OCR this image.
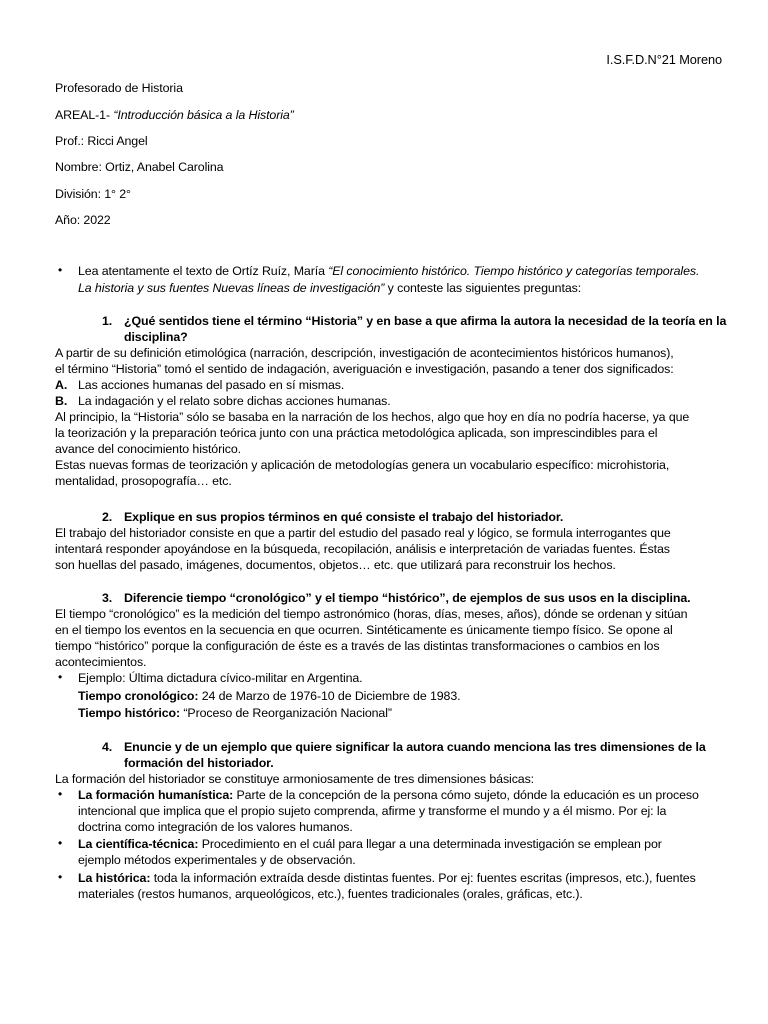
I.S.F.D.N°21 Moreno
Profesorado de Historia
AREAL-1- “Introducción básica a la Historia”
Prof.: Ricci Angel
Nombre: Ortiz, Anabel Carolina
División: 1° 2°
Año: 2022
• Lea atentamente el texto de Ortíz Ruíz, María “El conocimiento histórico. Tiempo histórico y categorías temporales.
La historia y sus fuentes Nuevas líneas de investigación” y conteste las siguientes preguntas:
1. ¿Qué sentidos tiene el término “Historia” y en base a que afirma la autora la necesidad de la teoría en la
disciplina?
A partir de su definición etimológica (narración, descripción, investigación de acontecimientos históricos humanos),
el término “Historia” tomó el sentido de indagación, averiguación e investigación, pasando a tener dos significados:
A. Las acciones humanas del pasado en sí mismas.
B. La indagación y el relato sobre dichas acciones humanas.
Al principio, la “Historia” sólo se basaba en la narración de los hechos, algo que hoy en día no podría hacerse, ya que
la teorización y la preparación teórica junto con una práctica metodológica aplicada, son imprescindibles para el
avance del conocimiento histórico.
Estas nuevas formas de teorización y aplicación de metodologías genera un vocabulario específico: microhistoria,
mentalidad, prosopografía… etc.
2. Explique en sus propios términos en qué consiste el trabajo del historiador.
El trabajo del historiador consiste en que a partir del estudio del pasado real y lógico, se formula interrogantes que
intentará responder apoyándose en la búsqueda, recopilación, análisis e interpretación de variadas fuentes. Éstas
son huellas del pasado, imágenes, documentos, objetos… etc. que utilizará para reconstruir los hechos.
3. Diferencie tiempo “cronológico” y el tiempo “histórico”, de ejemplos de sus usos en la disciplina.
El tiempo “cronológico” es la medición del tiempo astronómico (horas, días, meses, años), dónde se ordenan y sitúan
en el tiempo los eventos en la secuencia en que ocurren. Sintéticamente es únicamente tiempo físico. Se opone al
tiempo “histórico” porque la configuración de éste es a través de las distintas transformaciones o cambios en los
acontecimientos.
• Ejemplo: Última dictadura cívico-militar en Argentina.
Tiempo cronológico: 24 de Marzo de 1976-10 de Diciembre de 1983.
Tiempo histórico: “Proceso de Reorganización Nacional”
4. Enuncie y de un ejemplo que quiere significar la autora cuando menciona las tres dimensiones de la
formación del historiador.
La formación del historiador se constituye armoniosamente de tres dimensiones básicas:
• La formación humanística: Parte de la concepción de la persona cómo sujeto, dónde la educación es un proceso
intencional que implica que el propio sujeto comprenda, afirme y transforme el mundo y a él mismo. Por ej: la
doctrina como integración de los valores humanos.
• La científica-técnica: Procedimiento en el cuál para llegar a una determinada investigación se emplean por
ejemplo métodos experimentales y de observación.
• La histórica: toda la información extraída desde distintas fuentes. Por ej: fuentes escritas (impresos, etc.), fuentes
materiales (restos humanos, arqueológicos, etc.), fuentes tradicionales (orales, gráficas, etc.).
